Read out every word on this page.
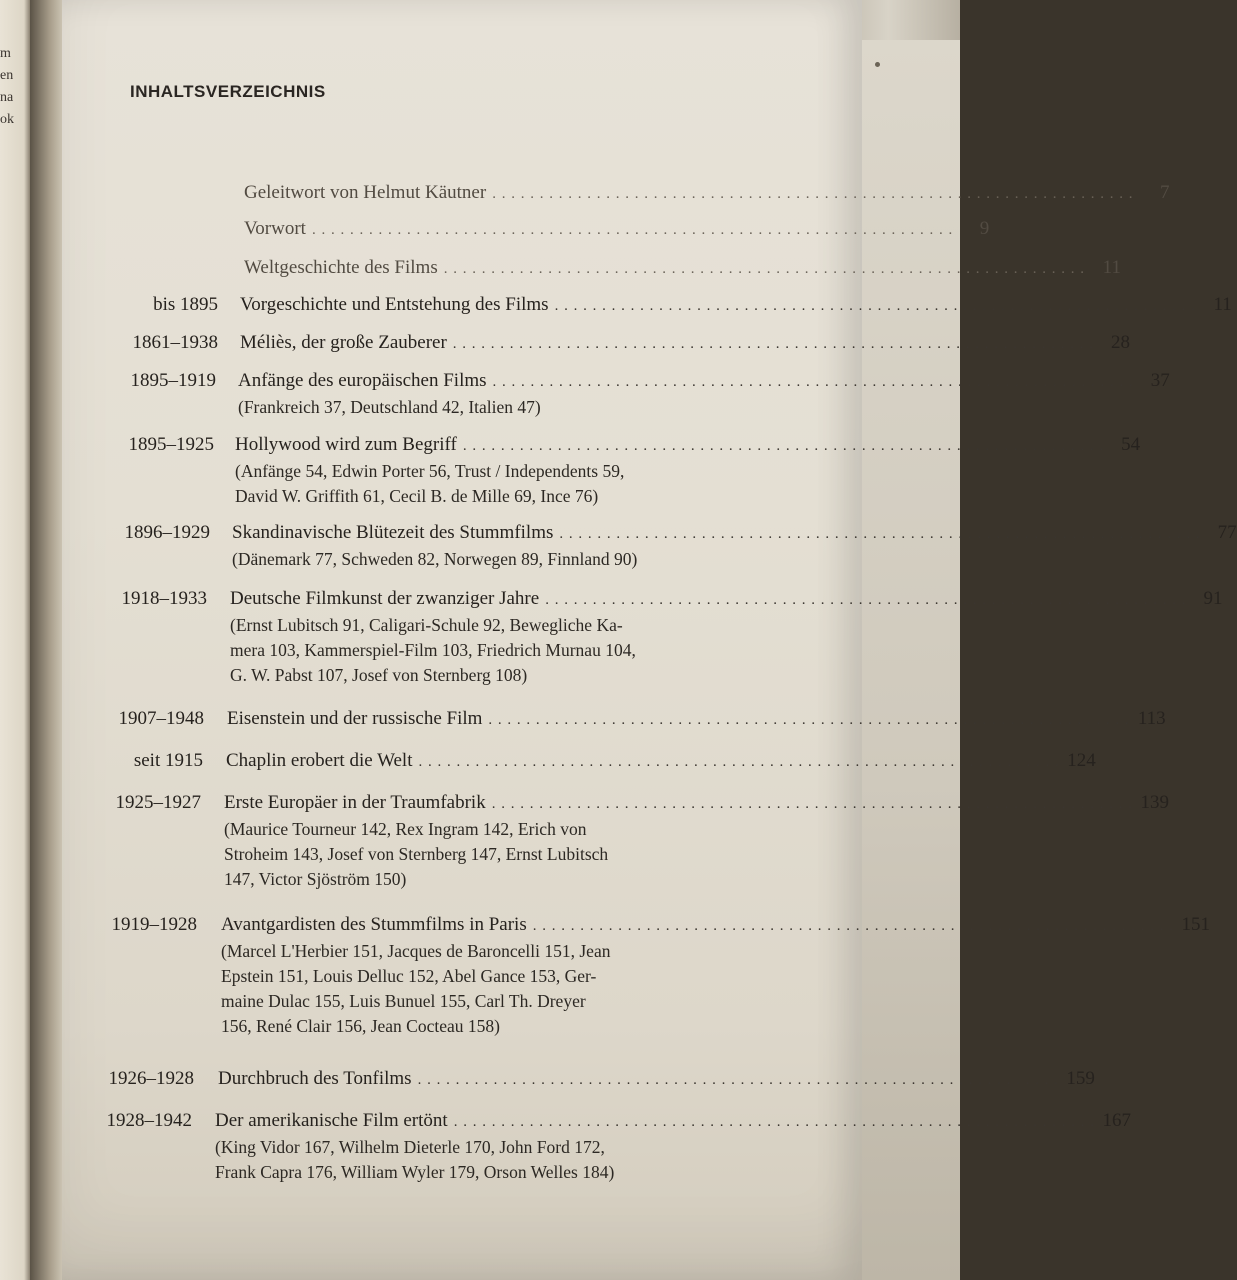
m
en
na
ok
INHALTSVERZEICHNIS
Geleitwort von Helmut Käutner . . . . . . . . . . . . . . . . . . . . . . . . . . . . . . . . . . . . . . . . . . . . . . . . . . . . . . . . . . . . . . . . . . . .	7
Vorwort . . . . . . . . . . . . . . . . . . . . . . . . . . . . . . . . . . . . . . . . . . . . . . . . . . . . . . . . . . . . . . . . . . . .	9
Weltgeschichte des Films . . . . . . . . . . . . . . . . . . . . . . . . . . . . . . . . . . . . . . . . . . . . . . . . . . . . . . . . . . . . . . . . . . . . 11
bis 1895 Vorgeschichte und Entstehung des Films . . . . . . . . . . . . . . . . . . . . . . . . . . . . . . . . . . . . . . . . . . . . . . . . . . . . . . . . . . . . . . . . . . . . 11
1861–1938 Méliès, der große Zauberer . . . . . . . . . . . . . . . . . . . . . . . . . . . . . . . . . . . . . . . . . . . . . . . . . . . . . . . . . . . . . . . . . . . . 28
1895–1919 Anfänge des europäischen Films . . . . . . . . . . . . . . . . . . . . . . . . . . . . . . . . . . . . . . . . . . . . . . . . . . . . . . . . . . . . . . . . . . . . 37
(Frankreich 37, Deutschland 42, Italien 47)
1895–1925 Hollywood wird zum Begriff . . . . . . . . . . . . . . . . . . . . . . . . . . . . . . . . . . . . . . . . . . . . . . . . . . . . . . . . . . . . . . . . . . . . 54
(Anfänge 54, Edwin Porter 56, Trust / Independents 59,
David W. Griffith 61, Cecil B. de Mille 69, Ince 76)
1896–1929 Skandinavische Blütezeit des Stummfilms . . . . . . . . . . . . . . . . . . . . . . . . . . . . . . . . . . . . . . . . . . . . . . . . . . . . . . . . . . . . . . . . . . . . 77
(Dänemark 77, Schweden 82, Norwegen 89, Finnland 90)
1918–1933 Deutsche Filmkunst der zwanziger Jahre . . . . . . . . . . . . . . . . . . . . . . . . . . . . . . . . . . . . . . . . . . . . . . . . . . . . . . . . . . . . . . . . . . . . 91
(Ernst Lubitsch 91, Caligari-Schule 92, Bewegliche Ka-
mera 103, Kammerspiel-Film 103, Friedrich Murnau 104,
G. W. Pabst 107, Josef von Sternberg 108)
1907–1948 Eisenstein und der russische Film . . . . . . . . . . . . . . . . . . . . . . . . . . . . . . . . . . . . . . . . . . . . . . . . . . . . . . . . . . . . . . . . . . . . 113
seit 1915 Chaplin erobert die Welt . . . . . . . . . . . . . . . . . . . . . . . . . . . . . . . . . . . . . . . . . . . . . . . . . . . . . . . . . . . . . . . . . . . . 124
1925–1927 Erste Europäer in der Traumfabrik . . . . . . . . . . . . . . . . . . . . . . . . . . . . . . . . . . . . . . . . . . . . . . . . . . . . . . . . . . . . . . . . . . . . 139
(Maurice Tourneur 142, Rex Ingram 142, Erich von
Stroheim 143, Josef von Sternberg 147, Ernst Lubitsch
147, Victor Sjöström 150)
1919–1928 Avantgardisten des Stummfilms in Paris . . . . . . . . . . . . . . . . . . . . . . . . . . . . . . . . . . . . . . . . . . . . . . . . . . . . . . . . . . . . . . . . . . . . 151
(Marcel L'Herbier 151, Jacques de Baroncelli 151, Jean
Epstein 151, Louis Delluc 152, Abel Gance 153, Ger-
maine Dulac 155, Luis Bunuel 155, Carl Th. Dreyer
156, René Clair 156, Jean Cocteau 158)
1926–1928 Durchbruch des Tonfilms . . . . . . . . . . . . . . . . . . . . . . . . . . . . . . . . . . . . . . . . . . . . . . . . . . . . . . . . . . . . . . . . . . . . 159
1928–1942 Der amerikanische Film ertönt . . . . . . . . . . . . . . . . . . . . . . . . . . . . . . . . . . . . . . . . . . . . . . . . . . . . . . . . . . . . . . . . . . . . 167
(King Vidor 167, Wilhelm Dieterle 170, John Ford 172,
Frank Capra 176, William Wyler 179, Orson Welles 184)
